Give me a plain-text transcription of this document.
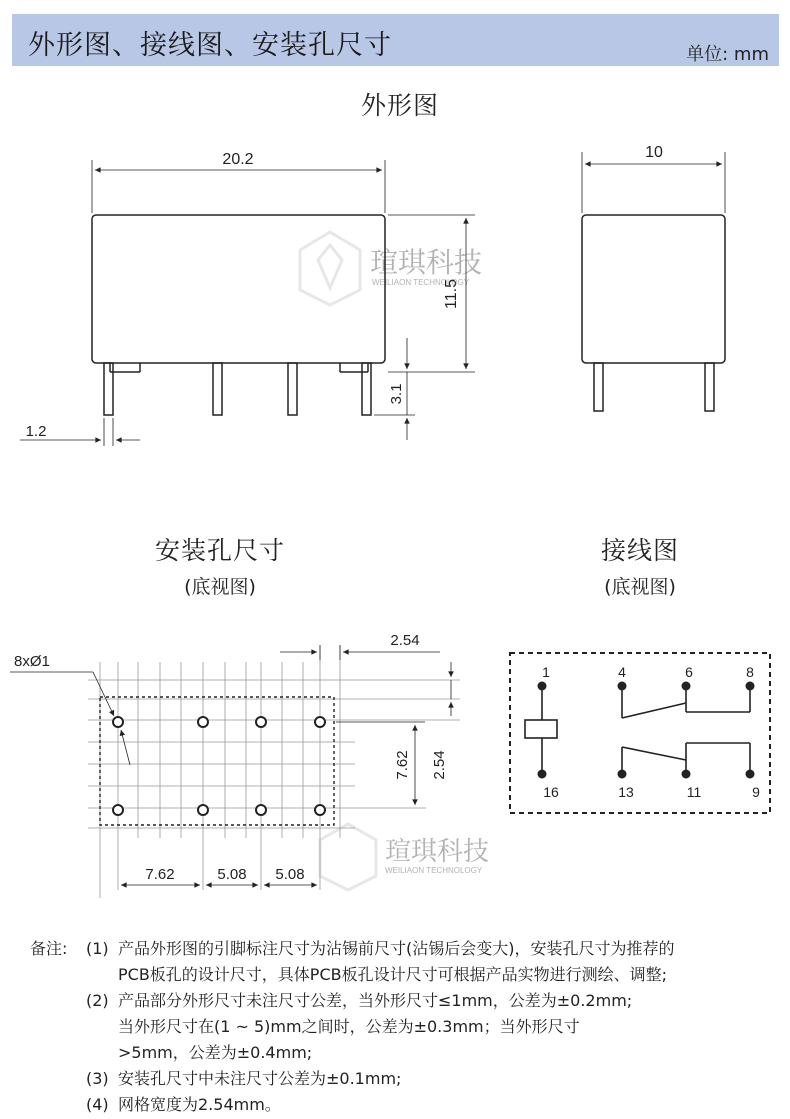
外形图、接线图、安装孔尺寸	单位: mm
外形图
安装孔尺寸
(底视图)
接线图
(底视图)
瑄琪科技
WEILIAON TECHNOLOGY
瑄琪科技
WEILIAON TECHNOLOGY
20.2
11.5
3.1
1.2
10
8xØ1
2.54
7.62 2.54
7.62	5.08 5.08
1	4	6	8
16	13	11	9
备注: (1) 产品外形图的引脚标注尺寸为沾锡前尺寸(沾锡后会变大)，安装孔尺寸为推荐的
PCB板孔的设计尺寸，具体PCB板孔设计尺寸可根据产品实物进行测绘、调整;
(2) 产品部分外形尺寸未注尺寸公差，当外形尺寸≤1mm，公差为±0.2mm;
当外形尺寸在(1 ~ 5)mm之间时，公差为±0.3mm；当外形尺寸
>5mm，公差为±0.4mm;
(3) 安装孔尺寸中未注尺寸公差为±0.1mm;
(4) 网格宽度为2.54mm。
